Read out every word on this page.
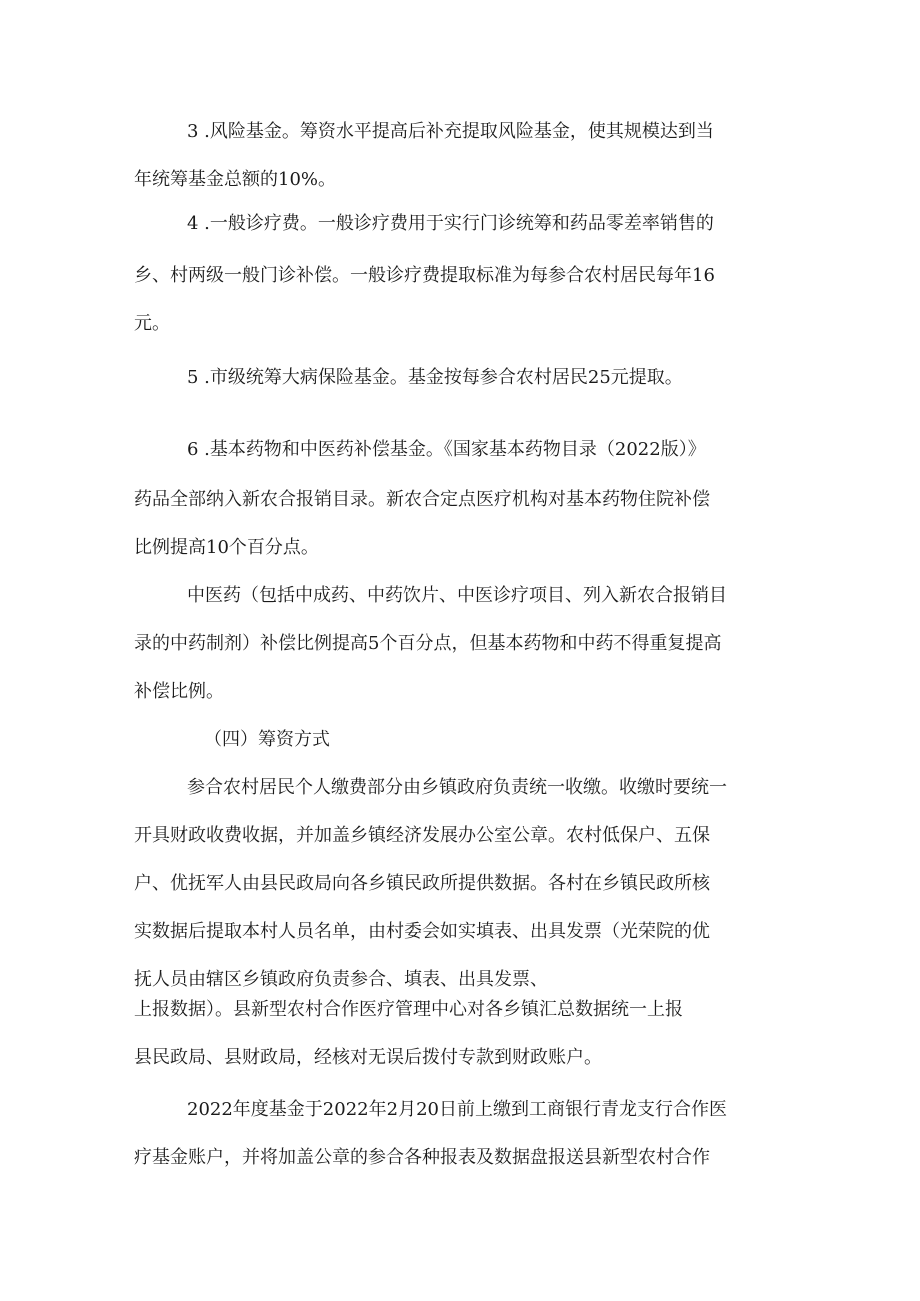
3 .风险基金。筹资水平提高后补充提取风险基金，使其规模达到当

年统筹基金总额的10%。

4 .一般诊疗费。一般诊疗费用于实行门诊统筹和药品零差率销售的

乡、村两级一般门诊补偿。一般诊疗费提取标准为每参合农村居民每年16

元。

5 .市级统筹大病保险基金。基金按每参合农村居民25元提取。

6 .基本药物和中医药补偿基金。《国家基本药物目录（2022版）》

药品全部纳入新农合报销目录。新农合定点医疗机构对基本药物住院补偿

比例提高10个百分点。

中医药（包括中成药、中药饮片、中医诊疗项目、列入新农合报销目

录的中药制剂）补偿比例提高5个百分点，但基本药物和中药不得重复提高

补偿比例。

（四）筹资方式

参合农村居民个人缴费部分由乡镇政府负责统一收缴。收缴时要统一

开具财政收费收据，并加盖乡镇经济发展办公室公章。农村低保户、五保

户、优抚军人由县民政局向各乡镇民政所提供数据。各村在乡镇民政所核

实数据后提取本村人员名单，由村委会如实填表、出具发票（光荣院的优

抚人员由辖区乡镇政府负责参合、填表、出具发票、

上报数据）。县新型农村合作医疗管理中心对各乡镇汇总数据统一上报

县民政局、县财政局，经核对无误后拨付专款到财政账户。

2022年度基金于2022年2月20日前上缴到工商银行青龙支行合作医

疗基金账户，并将加盖公章的参合各种报表及数据盘报送县新型农村合作
